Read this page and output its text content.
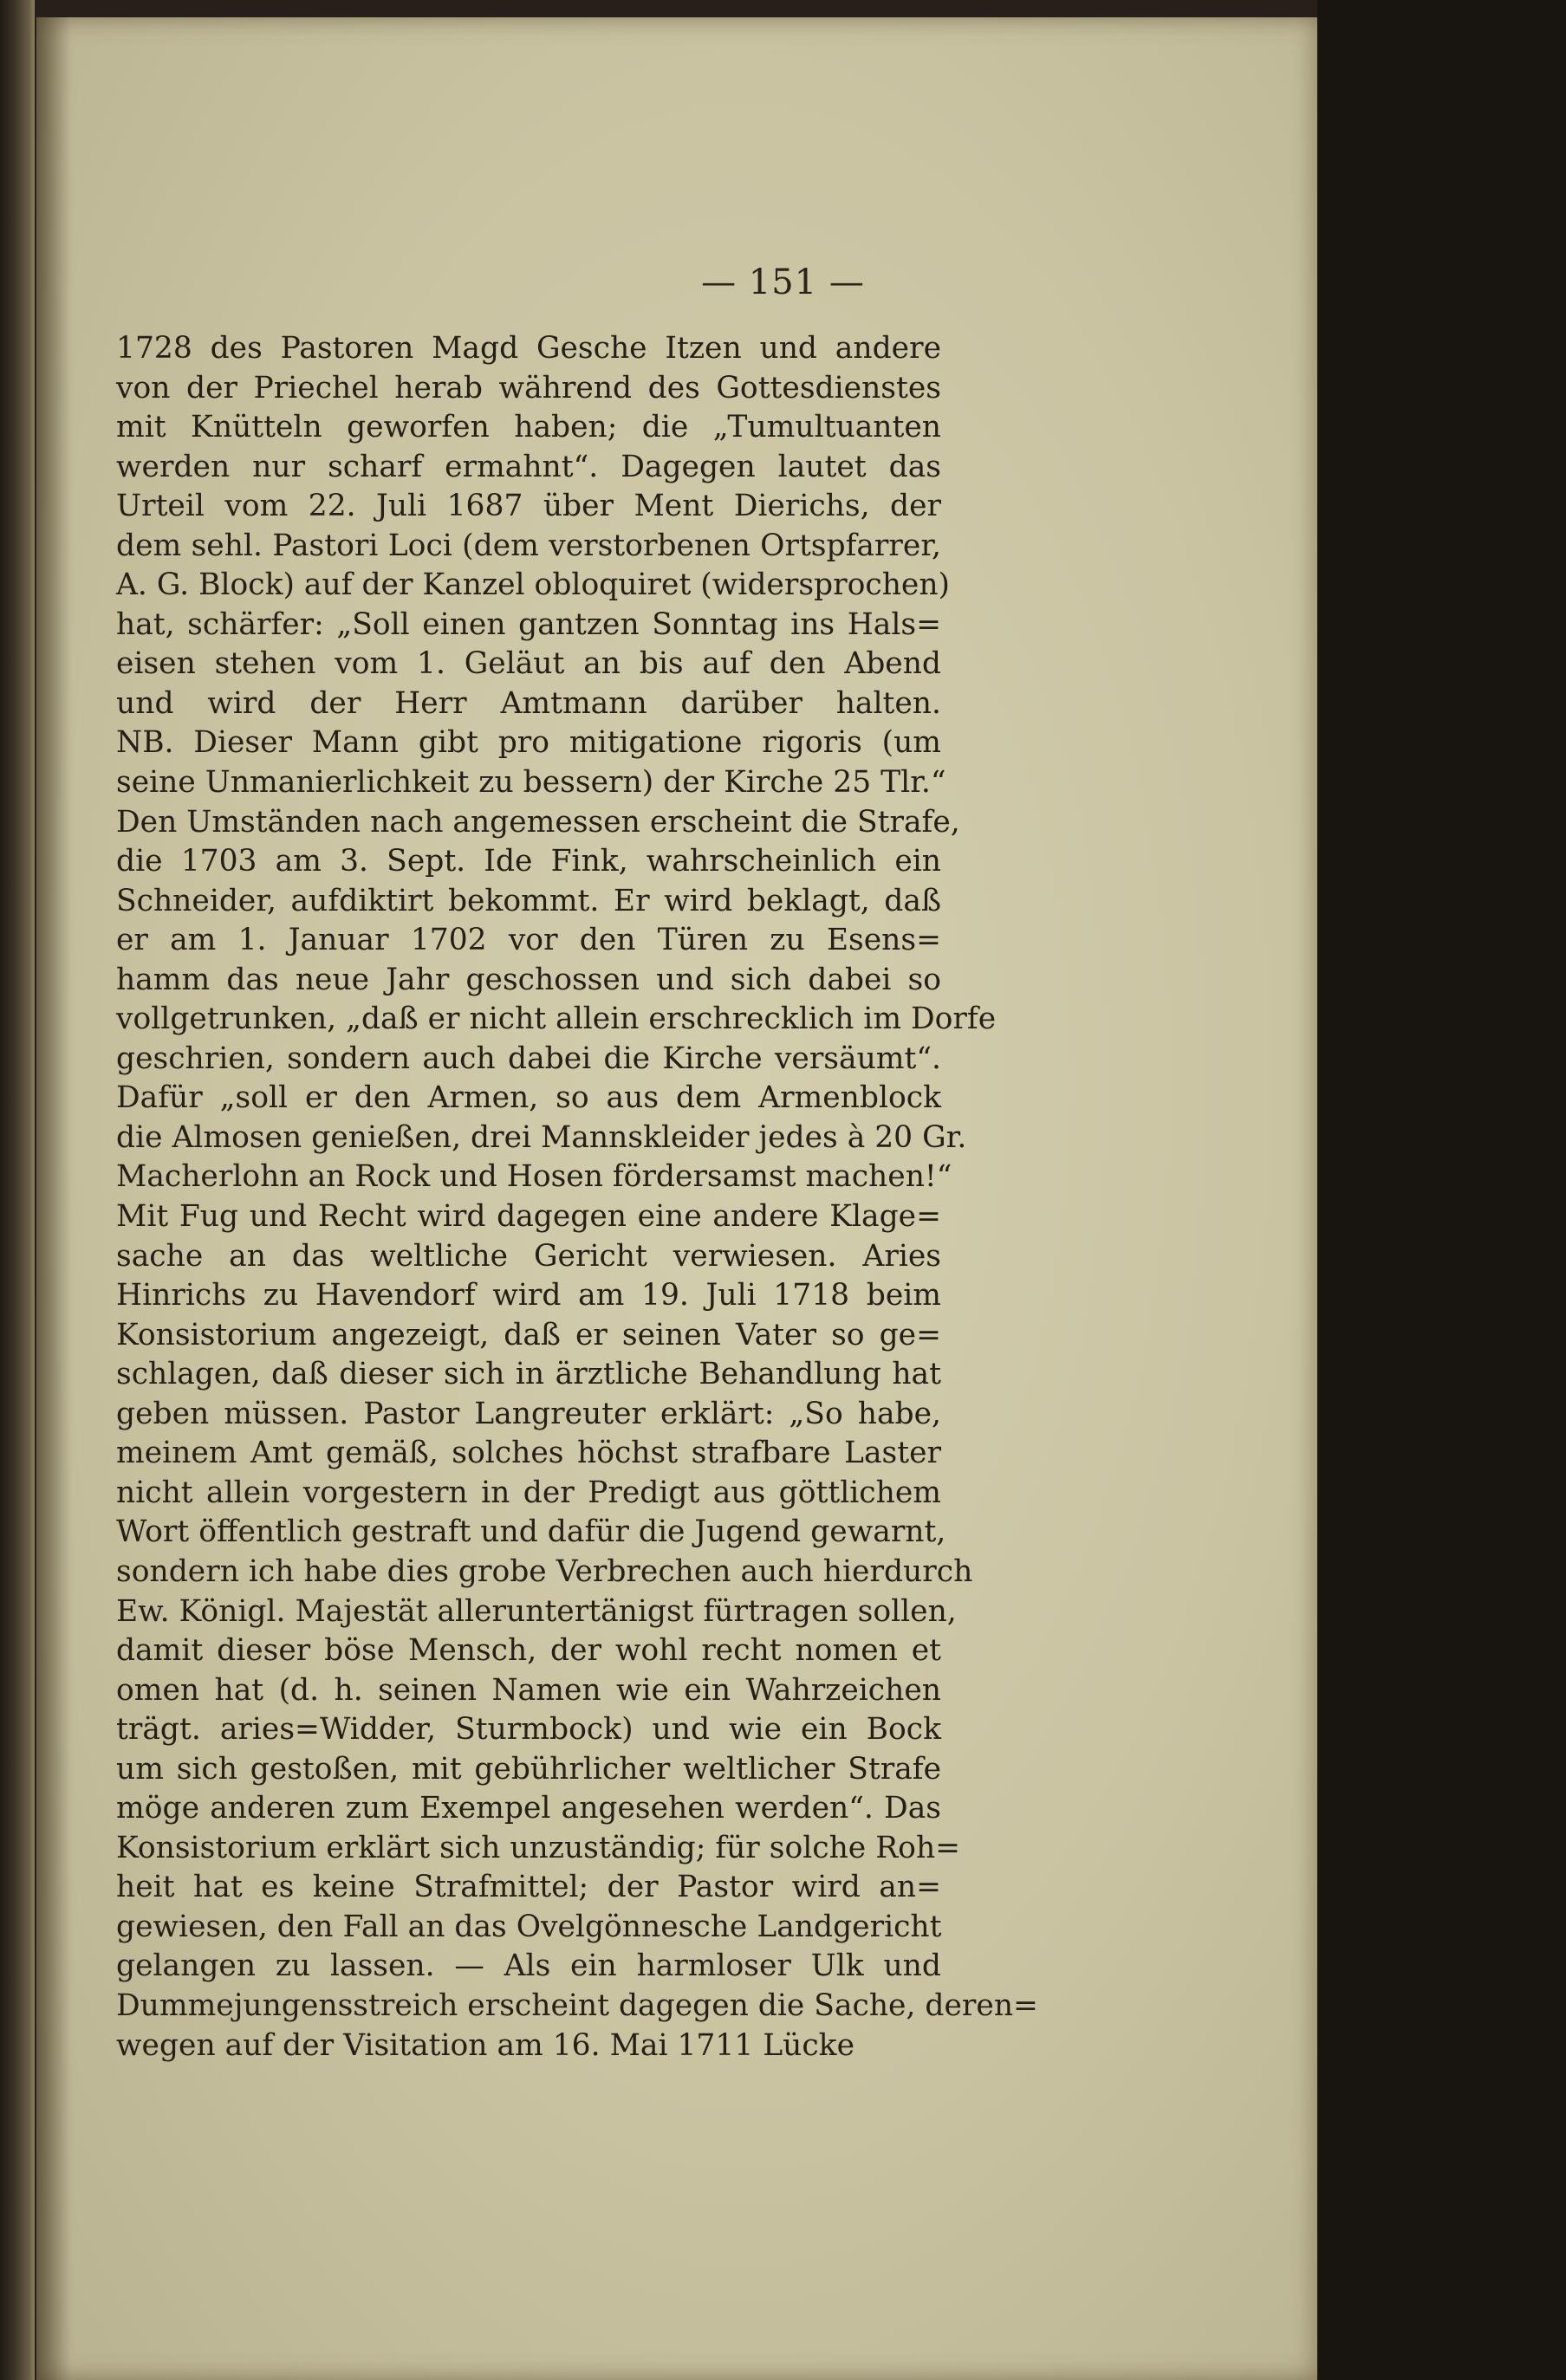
— 151 —
1728 des Pastoren Magd Gesche Itzen und andere
von der Priechel herab während des Gottesdienstes
mit Knütteln geworfen haben; die „Tumultuanten
werden nur scharf ermahnt“. Dagegen lautet das
Urteil vom 22. Juli 1687 über Ment Dierichs, der
dem sehl. Pastori Loci (dem verstorbenen Ortspfarrer,
A. G. Block) auf der Kanzel obloquiret (widersprochen)
hat, schärfer: „Soll einen gantzen Sonntag ins Hals=
eisen stehen vom 1. Geläut an bis auf den Abend
und wird der Herr Amtmann darüber halten.
NB. Dieser Mann gibt pro mitigatione rigoris (um
seine Unmanierlichkeit zu bessern) der Kirche 25 Tlr.“
Den Umständen nach angemessen erscheint die Strafe,
die 1703 am 3. Sept. Ide Fink, wahrscheinlich ein
Schneider, aufdiktirt bekommt. Er wird beklagt, daß
er am 1. Januar 1702 vor den Türen zu Esens=
hamm das neue Jahr geschossen und sich dabei so
vollgetrunken, „daß er nicht allein erschrecklich im Dorfe
geschrien, sondern auch dabei die Kirche versäumt“.
Dafür „soll er den Armen, so aus dem Armenblock
die Almosen genießen, drei Mannskleider jedes à 20 Gr.
Macherlohn an Rock und Hosen fördersamst machen!“
Mit Fug und Recht wird dagegen eine andere Klage=
sache an das weltliche Gericht verwiesen. Aries
Hinrichs zu Havendorf wird am 19. Juli 1718 beim
Konsistorium angezeigt, daß er seinen Vater so ge=
schlagen, daß dieser sich in ärztliche Behandlung hat
geben müssen. Pastor Langreuter erklärt: „So habe,
meinem Amt gemäß, solches höchst strafbare Laster
nicht allein vorgestern in der Predigt aus göttlichem
Wort öffentlich gestraft und dafür die Jugend gewarnt,
sondern ich habe dies grobe Verbrechen auch hierdurch
Ew. Königl. Majestät alleruntertänigst fürtragen sollen,
damit dieser böse Mensch, der wohl recht nomen et
omen hat (d. h. seinen Namen wie ein Wahrzeichen
trägt. aries=Widder, Sturmbock) und wie ein Bock
um sich gestoßen, mit gebührlicher weltlicher Strafe
möge anderen zum Exempel angesehen werden“. Das
Konsistorium erklärt sich unzuständig; für solche Roh=
heit hat es keine Strafmittel; der Pastor wird an=
gewiesen, den Fall an das Ovelgönnesche Landgericht
gelangen zu lassen. — Als ein harmloser Ulk und
Dummejungensstreich erscheint dagegen die Sache, deren=
wegen auf der Visitation am 16. Mai 1711 Lücke
